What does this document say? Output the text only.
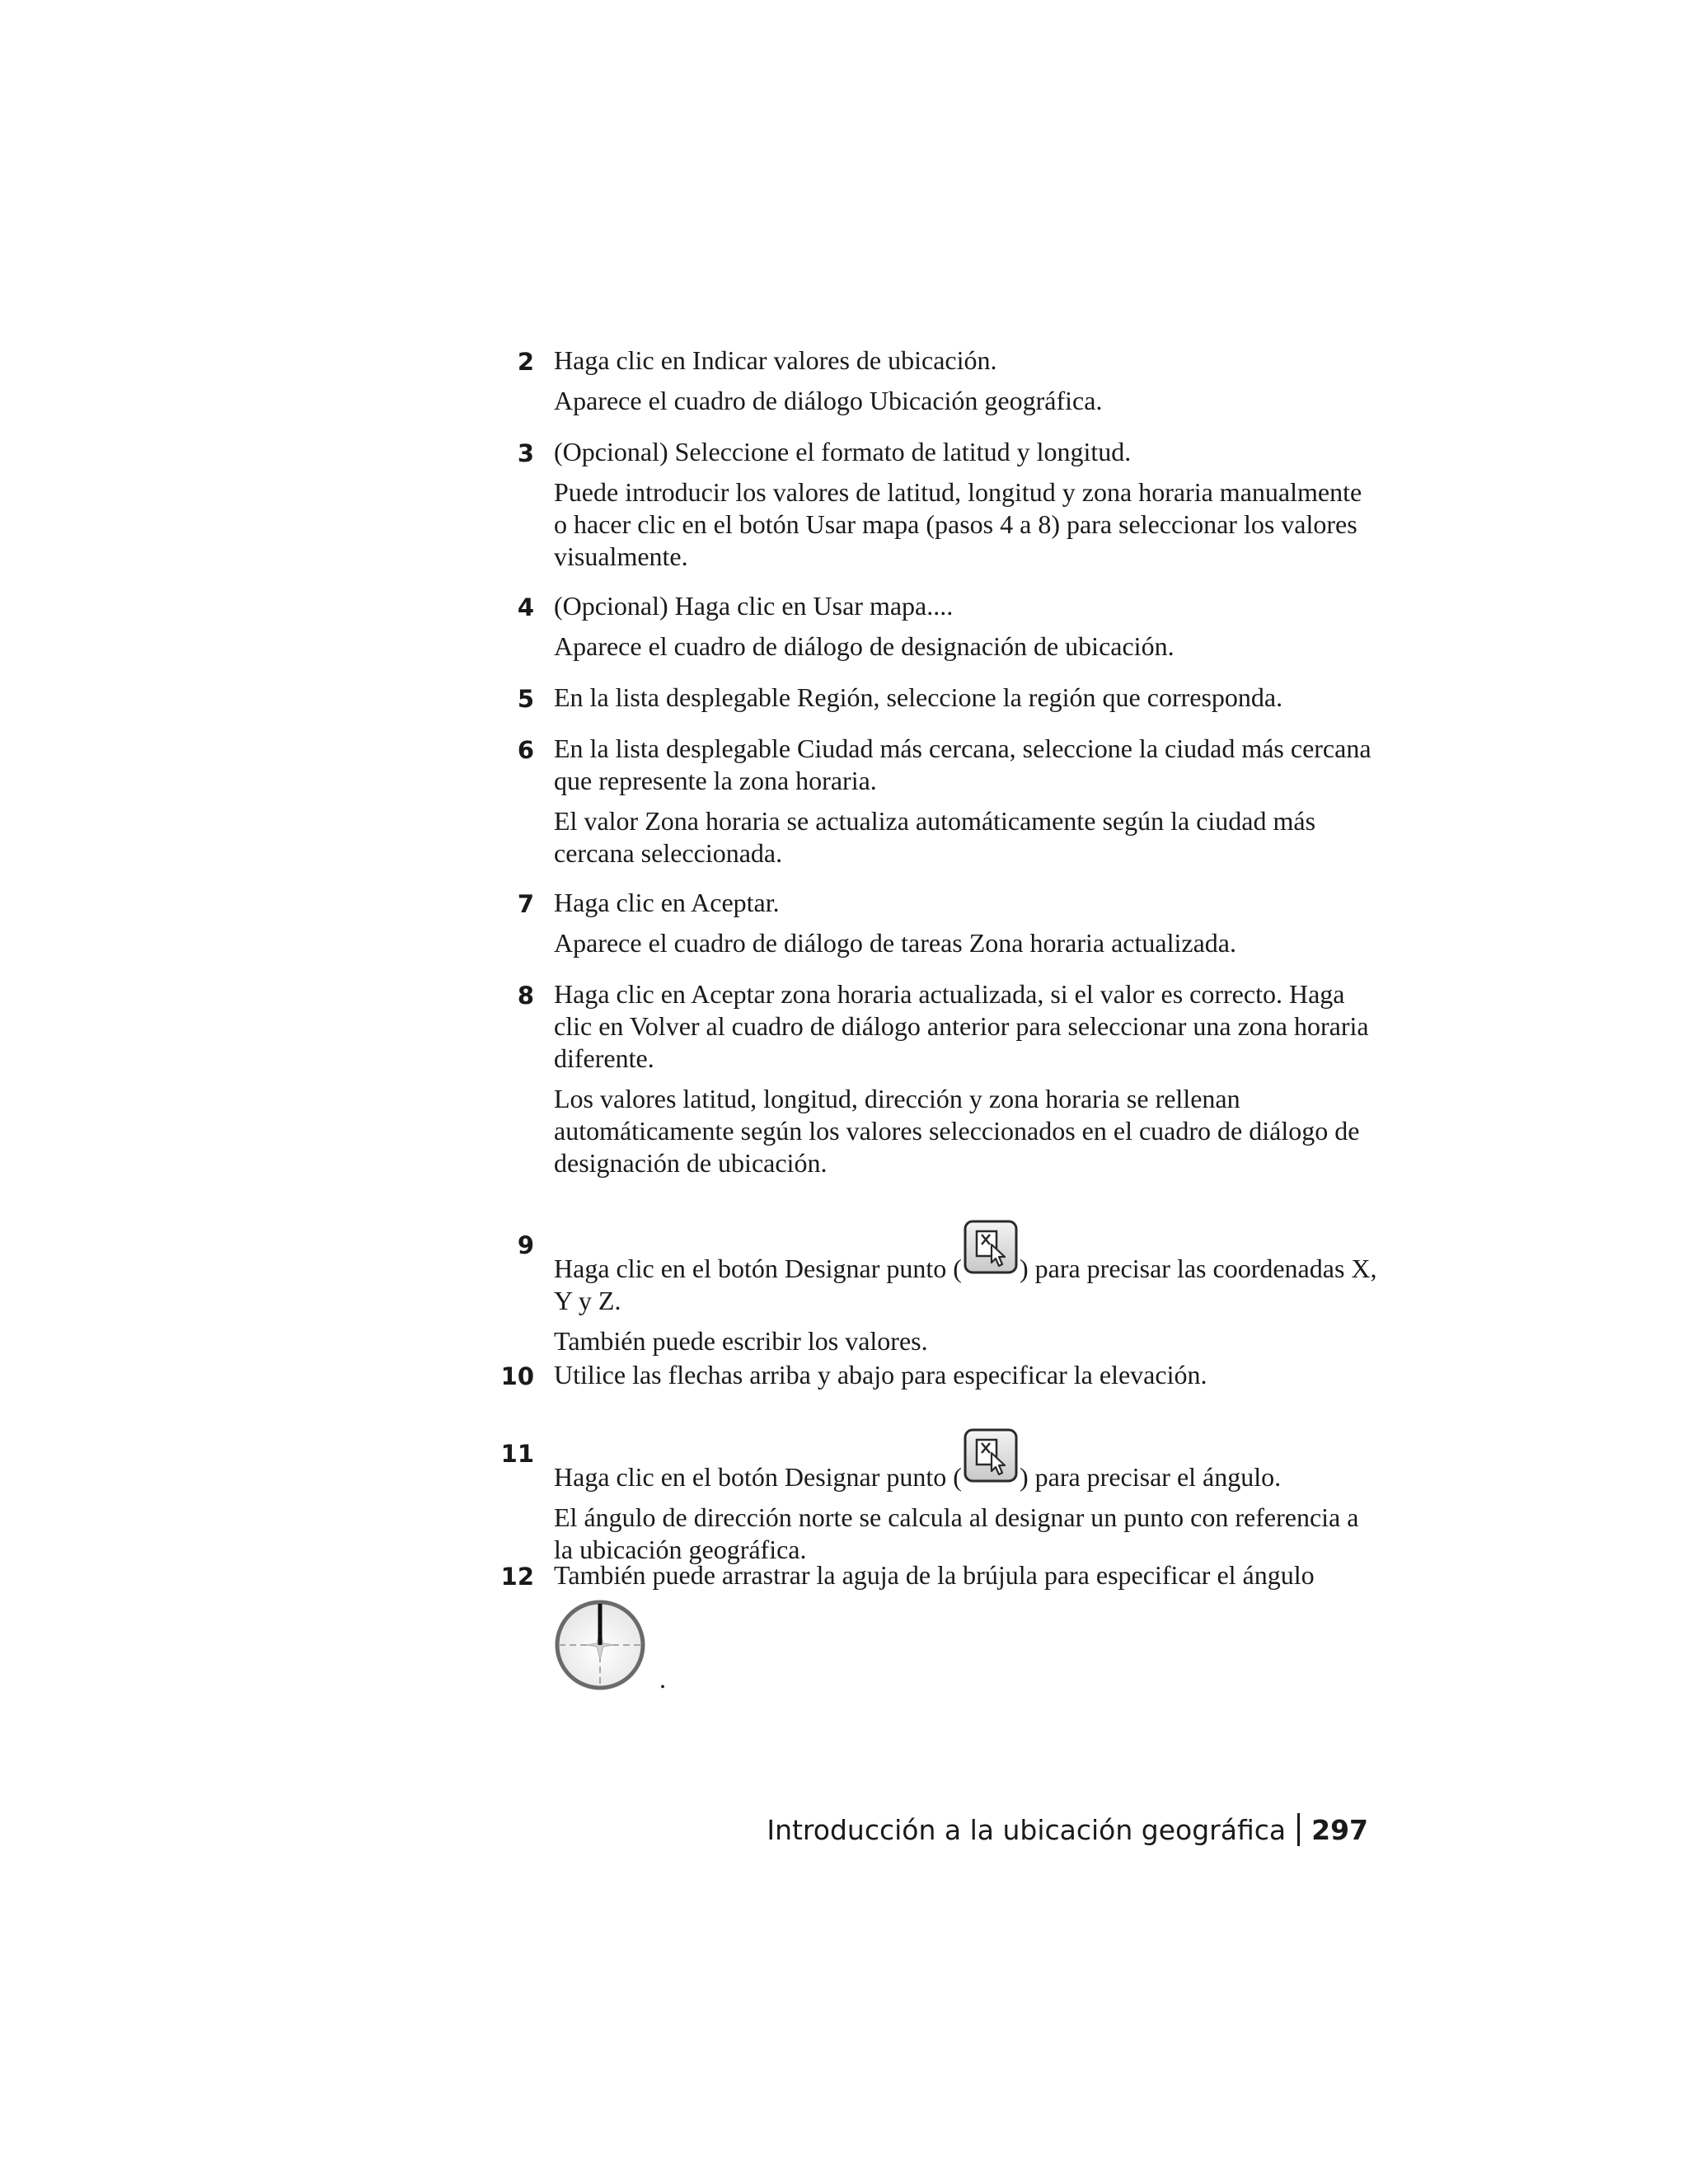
2 Haga clic en Indicar valores de ubicación.

Aparece el cuadro de diálogo Ubicación geográfica.

3 (Opcional) Seleccione el formato de latitud y longitud.

Puede introducir los valores de latitud, longitud y zona horaria manualmente o hacer clic en el botón Usar mapa (pasos 4 a 8) para seleccionar los valores visualmente.

4 (Opcional) Haga clic en Usar mapa....

Aparece el cuadro de diálogo de designación de ubicación.

5 En la lista desplegable Región, seleccione la región que corresponda.

6 En la lista desplegable Ciudad más cercana, seleccione la ciudad más cercana que represente la zona horaria.

El valor Zona horaria se actualiza automáticamente según la ciudad más cercana seleccionada.

7 Haga clic en Aceptar.

Aparece el cuadro de diálogo de tareas Zona horaria actualizada.

8 Haga clic en Aceptar zona horaria actualizada, si el valor es correcto. Haga clic en Volver al cuadro de diálogo anterior para seleccionar una zona horaria diferente.

Los valores latitud, longitud, dirección y zona horaria se rellenan automáticamente según los valores seleccionados en el cuadro de diálogo de designación de ubicación.

9

Haga clic en el botón Designar punto ( ) para precisar las coordenadas X, Y y Z.

También puede escribir los valores.

10 Utilice las flechas arriba y abajo para especificar la elevación.

11

Haga clic en el botón Designar punto ( ) para precisar el ángulo.

El ángulo de dirección norte se calcula al designar un punto con referencia a la ubicación geográfica.

12 También puede arrastrar la aguja de la brújula para especificar el ángulo

.
Introducción a la ubicación geográfica 297
